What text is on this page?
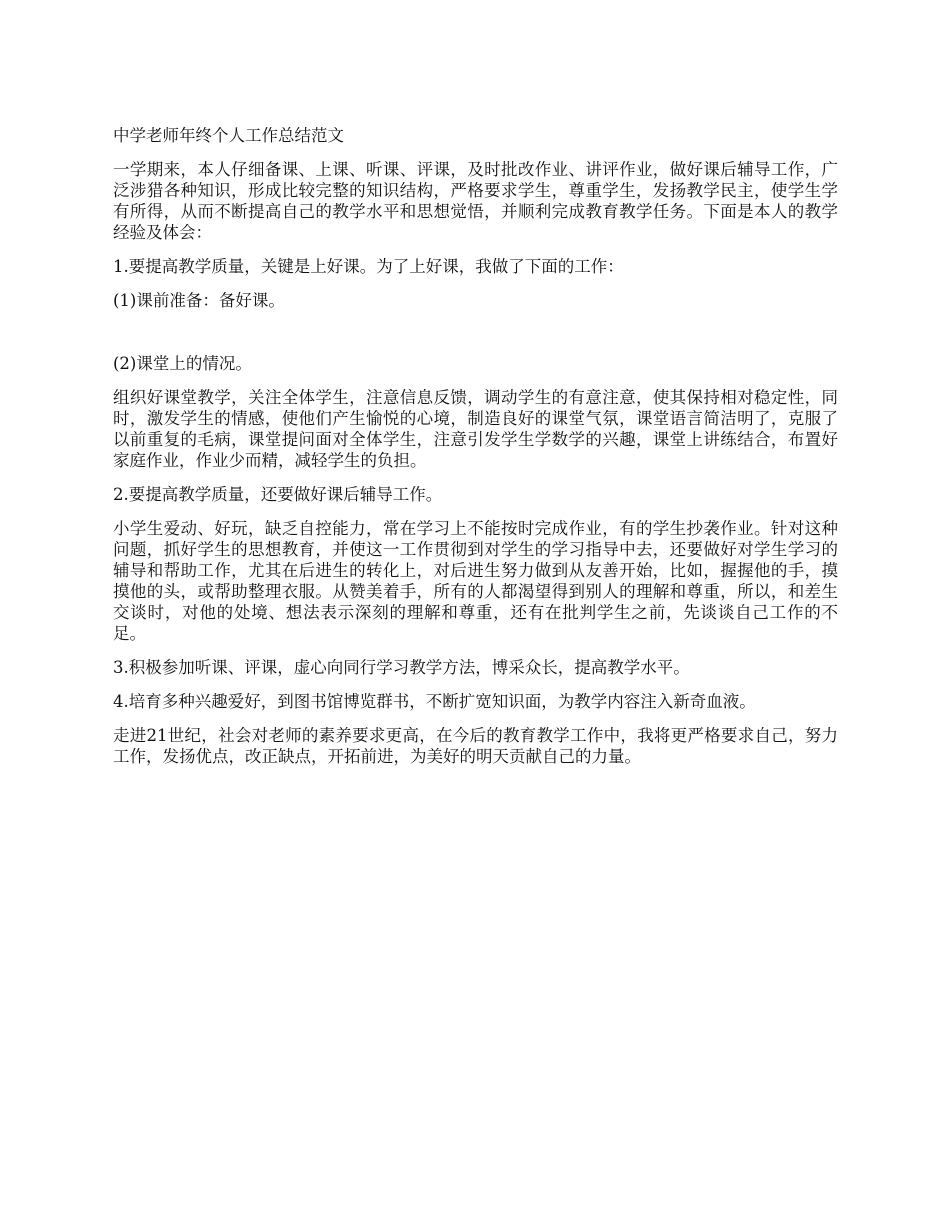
中学老师年终个人工作总结范文

一学期来，本人仔细备课、上课、听课、评课，及时批改作业、讲评作业，做好课后辅导工作，广泛涉猎各种知识，形成比较完整的知识结构，严格要求学生，尊重学生，发扬教学民主，使学生学有所得，从而不断提高自己的教学水平和思想觉悟，并顺利完成教育教学任务。下面是本人的教学经验及体会：

1.要提高教学质量，关键是上好课。为了上好课，我做了下面的工作：

(1)课前准备：备好课。

(2)课堂上的情况。

组织好课堂教学，关注全体学生，注意信息反馈，调动学生的有意注意，使其保持相对稳定性，同时，激发学生的情感，使他们产生愉悦的心境，制造良好的课堂气氛，课堂语言简洁明了，克服了以前重复的毛病，课堂提问面对全体学生，注意引发学生学数学的兴趣，课堂上讲练结合，布置好家庭作业，作业少而精，减轻学生的负担。

2.要提高教学质量，还要做好课后辅导工作。

小学生爱动、好玩，缺乏自控能力，常在学习上不能按时完成作业，有的学生抄袭作业。针对这种问题，抓好学生的思想教育，并使这一工作贯彻到对学生的学习指导中去，还要做好对学生学习的辅导和帮助工作，尤其在后进生的转化上，对后进生努力做到从友善开始，比如，握握他的手，摸摸他的头，或帮助整理衣服。从赞美着手，所有的人都渴望得到别人的理解和尊重，所以，和差生交谈时，对他的处境、想法表示深刻的理解和尊重，还有在批判学生之前，先谈谈自己工作的不足。

3.积极参加听课、评课，虚心向同行学习教学方法，博采众长，提高教学水平。

4.培育多种兴趣爱好，到图书馆博览群书，不断扩宽知识面，为教学内容注入新奇血液。

走进21世纪，社会对老师的素养要求更高，在今后的教育教学工作中，我将更严格要求自己，努力工作，发扬优点，改正缺点，开拓前进，为美好的明天贡献自己的力量。
